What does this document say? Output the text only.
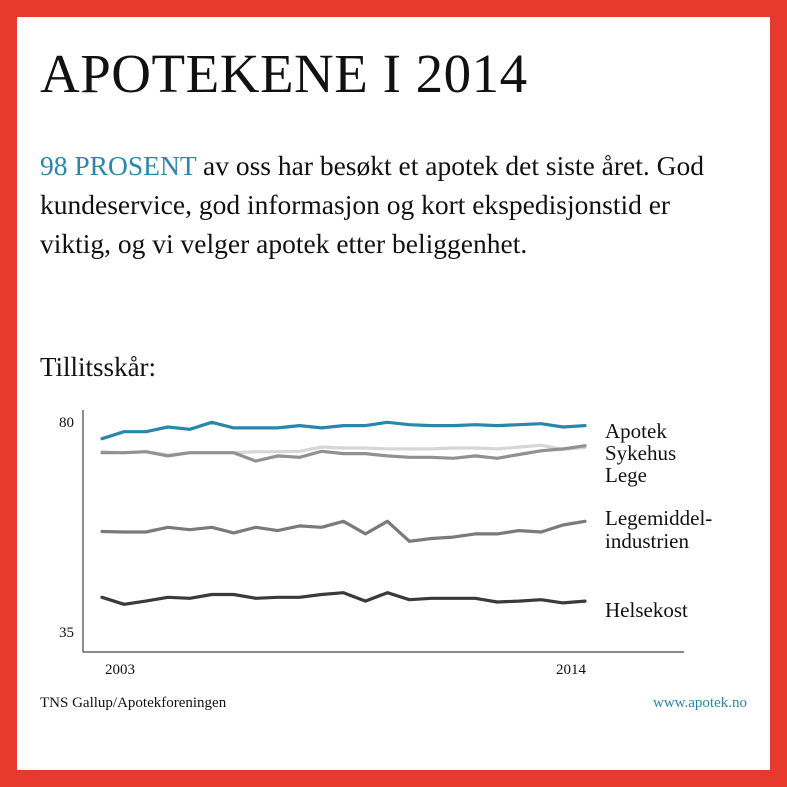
APOTEKENE I 2014
98 PROSENT av oss har besøkt et apotek det siste året. God kundeservice, god informasjon og kort ekspedisjonstid er viktig, og vi velger apotek etter beliggenhet.
Tillitsskår:
80
35
2003	2014
Apotek
Sykehus
Lege
Legemiddel-industrien
Helsekost
TNS Gallup/Apotekforeningen	www.apotek.no
